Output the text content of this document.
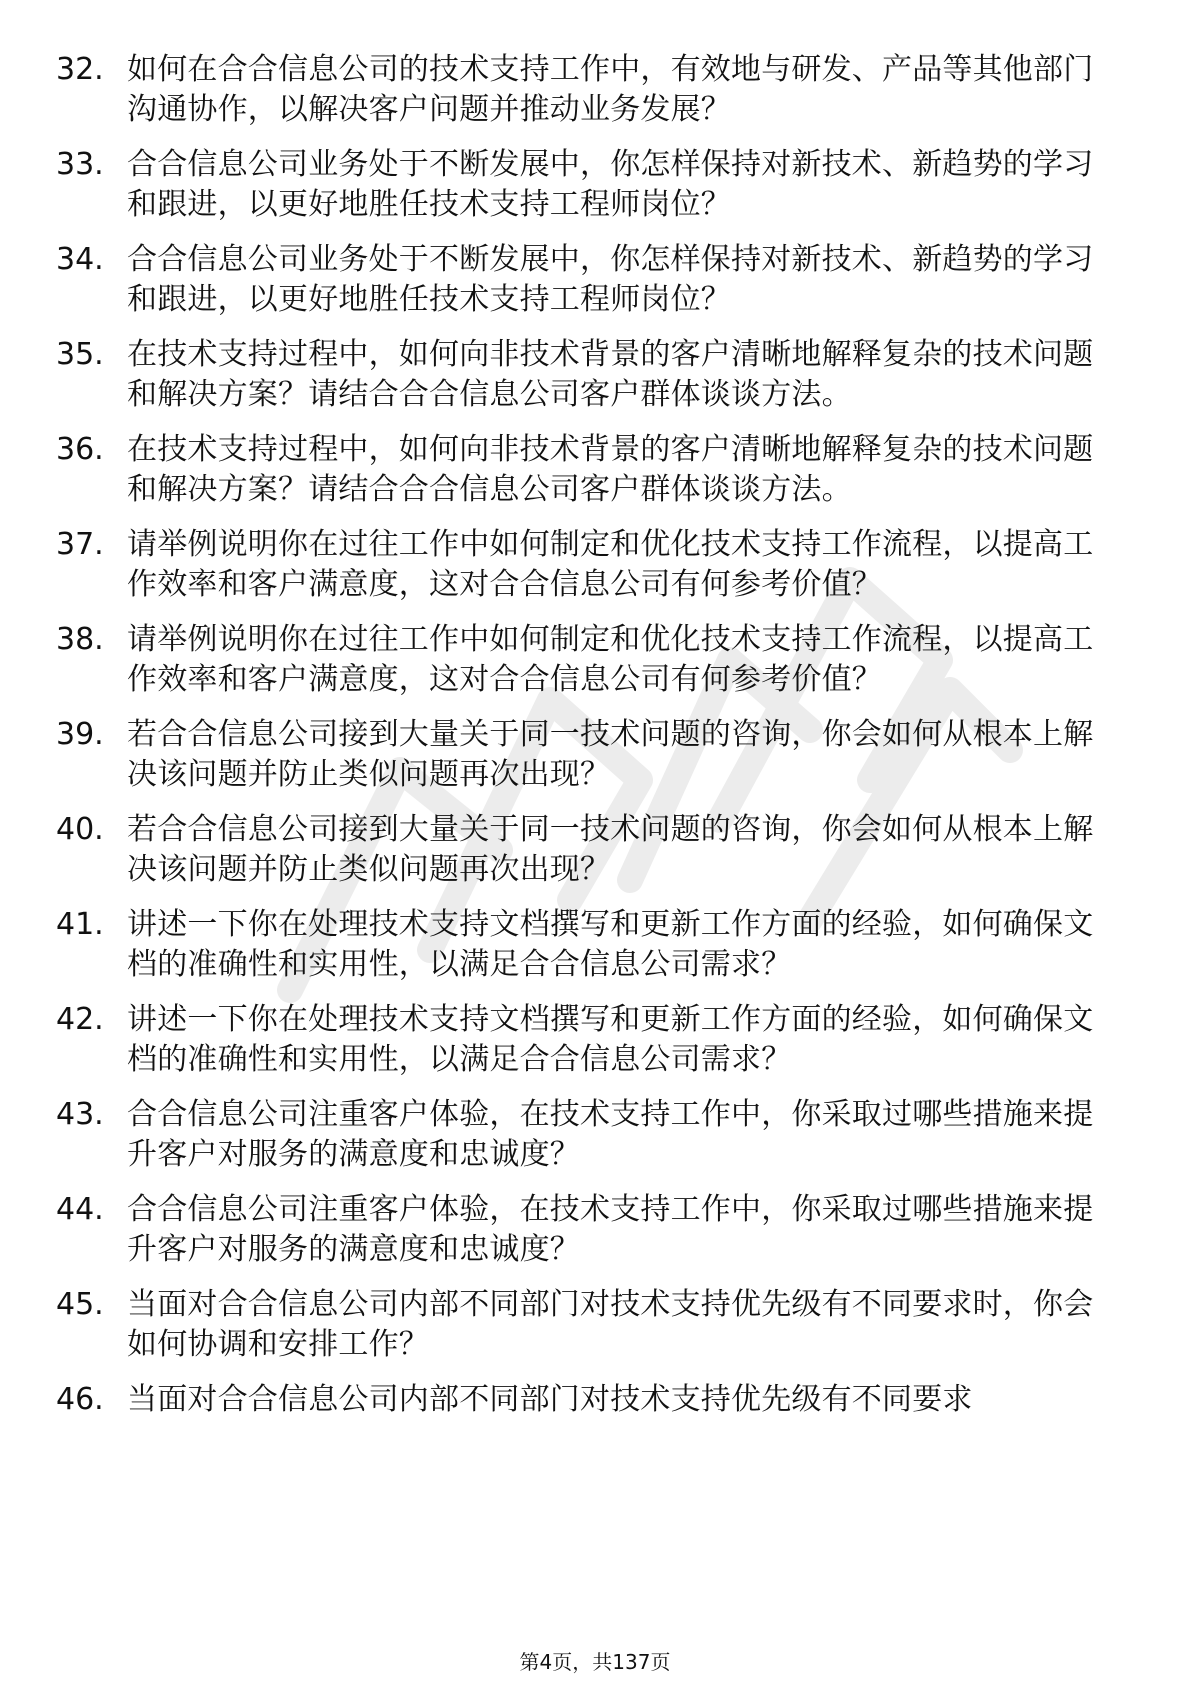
32. 如何在合合信息公司的技术支持工作中，有效地与研发、产品等其他部门沟通协作，以解决客户问题并推动业务发展？
33. 合合信息公司业务处于不断发展中，你怎样保持对新技术、新趋势的学习和跟进，以更好地胜任技术支持工程师岗位？
34. 合合信息公司业务处于不断发展中，你怎样保持对新技术、新趋势的学习和跟进，以更好地胜任技术支持工程师岗位？
35. 在技术支持过程中，如何向非技术背景的客户清晰地解释复杂的技术问题和解决方案？请结合合合信息公司客户群体谈谈方法。
36. 在技术支持过程中，如何向非技术背景的客户清晰地解释复杂的技术问题和解决方案？请结合合合信息公司客户群体谈谈方法。
37. 请举例说明你在过往工作中如何制定和优化技术支持工作流程，以提高工作效率和客户满意度，这对合合信息公司有何参考价值？
38. 请举例说明你在过往工作中如何制定和优化技术支持工作流程，以提高工作效率和客户满意度，这对合合信息公司有何参考价值？
39. 若合合信息公司接到大量关于同一技术问题的咨询，你会如何从根本上解决该问题并防止类似问题再次出现？
40. 若合合信息公司接到大量关于同一技术问题的咨询，你会如何从根本上解决该问题并防止类似问题再次出现？
41. 讲述一下你在处理技术支持文档撰写和更新工作方面的经验，如何确保文档的准确性和实用性，以满足合合信息公司需求？
42. 讲述一下你在处理技术支持文档撰写和更新工作方面的经验，如何确保文档的准确性和实用性，以满足合合信息公司需求？
43. 合合信息公司注重客户体验，在技术支持工作中，你采取过哪些措施来提升客户对服务的满意度和忠诚度？
44. 合合信息公司注重客户体验，在技术支持工作中，你采取过哪些措施来提升客户对服务的满意度和忠诚度？
45. 当面对合合信息公司内部不同部门对技术支持优先级有不同要求时，你会如何协调和安排工作？
46. 当面对合合信息公司内部不同部门对技术支持优先级有不同要求
第4页，共137页
